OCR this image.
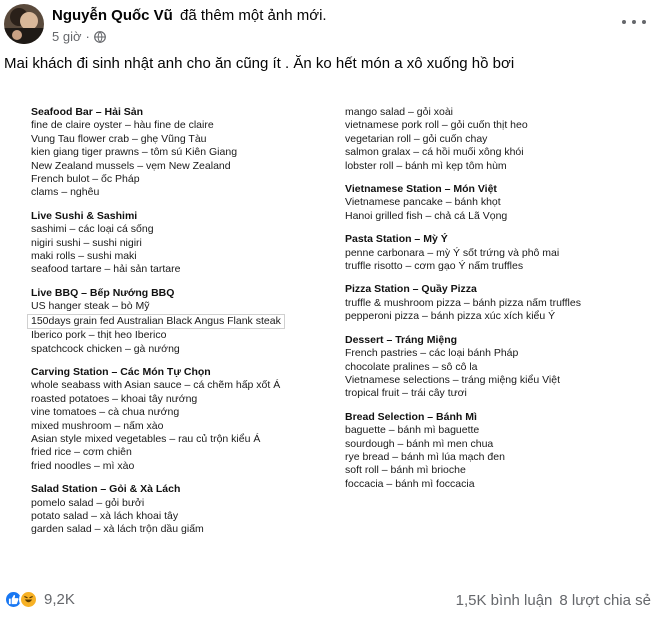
Nguyễn Quốc Vũ đã thêm một ảnh mới.
5 giờ ·
Mai khách đi sinh nhật anh cho ăn cũng ít . Ăn ko hết món a xô xuống hồ bơi
Seafood Bar – Hải Sản
fine de claire oyster – hàu fine de claire
Vung Tau flower crab – ghẹ Vũng Tàu
kien giang tiger prawns – tôm sú Kiên Giang
New Zealand mussels – vẹm New Zealand
French bulot – ốc Pháp
clams – nghêu
Live Sushi & Sashimi
sashimi – các loại cá sống
nigiri sushi – sushi nigiri
maki rolls – sushi maki
seafood tartare – hải sản tartare
Live BBQ – Bếp Nướng BBQ
US hanger steak – bò Mỹ
150days grain fed Australian Black Angus Flank steak
Iberico pork – thịt heo Iberico
spatchcock chicken – gà nướng
Carving Station – Các Món Tự Chọn
whole seabass with Asian sauce – cá chẽm hấp xốt Á
roasted potatoes – khoai tây nướng
vine tomatoes – cà chua nướng
mixed mushroom – nấm xào
Asian style mixed vegetables – rau củ trộn kiểu Á
fried rice – cơm chiên
fried noodles – mì xào
Salad Station – Gỏi & Xà Lách
pomelo salad – gỏi bưởi
potato salad – xà lách khoai tây
garden salad – xà lách trộn dầu giấm
mango salad – gỏi xoài
vietnamese pork roll – gỏi cuốn thịt heo
vegetarian roll – gỏi cuốn chay
salmon gralax – cá hồi muối xông khói
lobster roll – bánh mì kẹp tôm hùm
Vietnamese Station – Món Việt
Vietnamese pancake – bánh khọt
Hanoi grilled fish – chả cá Lã Vọng
Pasta Station – Mỳ Ý
penne carbonara – mỳ Ý sốt trứng và phô mai
truffle risotto – cơm gạo Ý nấm truffles
Pizza Station – Quầy Pizza
truffle & mushroom pizza – bánh pizza nấm truffles
pepperoni pizza – bánh pizza xúc xích kiểu Ý
Dessert – Tráng Miệng
French pastries – các loại bánh Pháp
chocolate pralines – sô cô la
Vietnamese selections – tráng miệng kiểu Việt
tropical fruit – trái cây tươi
Bread Selection – Bánh Mì
baguette – bánh mì baguette
sourdough – bánh mì men chua
rye bread – bánh mì lúa mạch đen
soft roll – bánh mì brioche
foccacia – bánh mì foccacia
9,2K	1,5K bình luận 8 lượt chia sẻ
